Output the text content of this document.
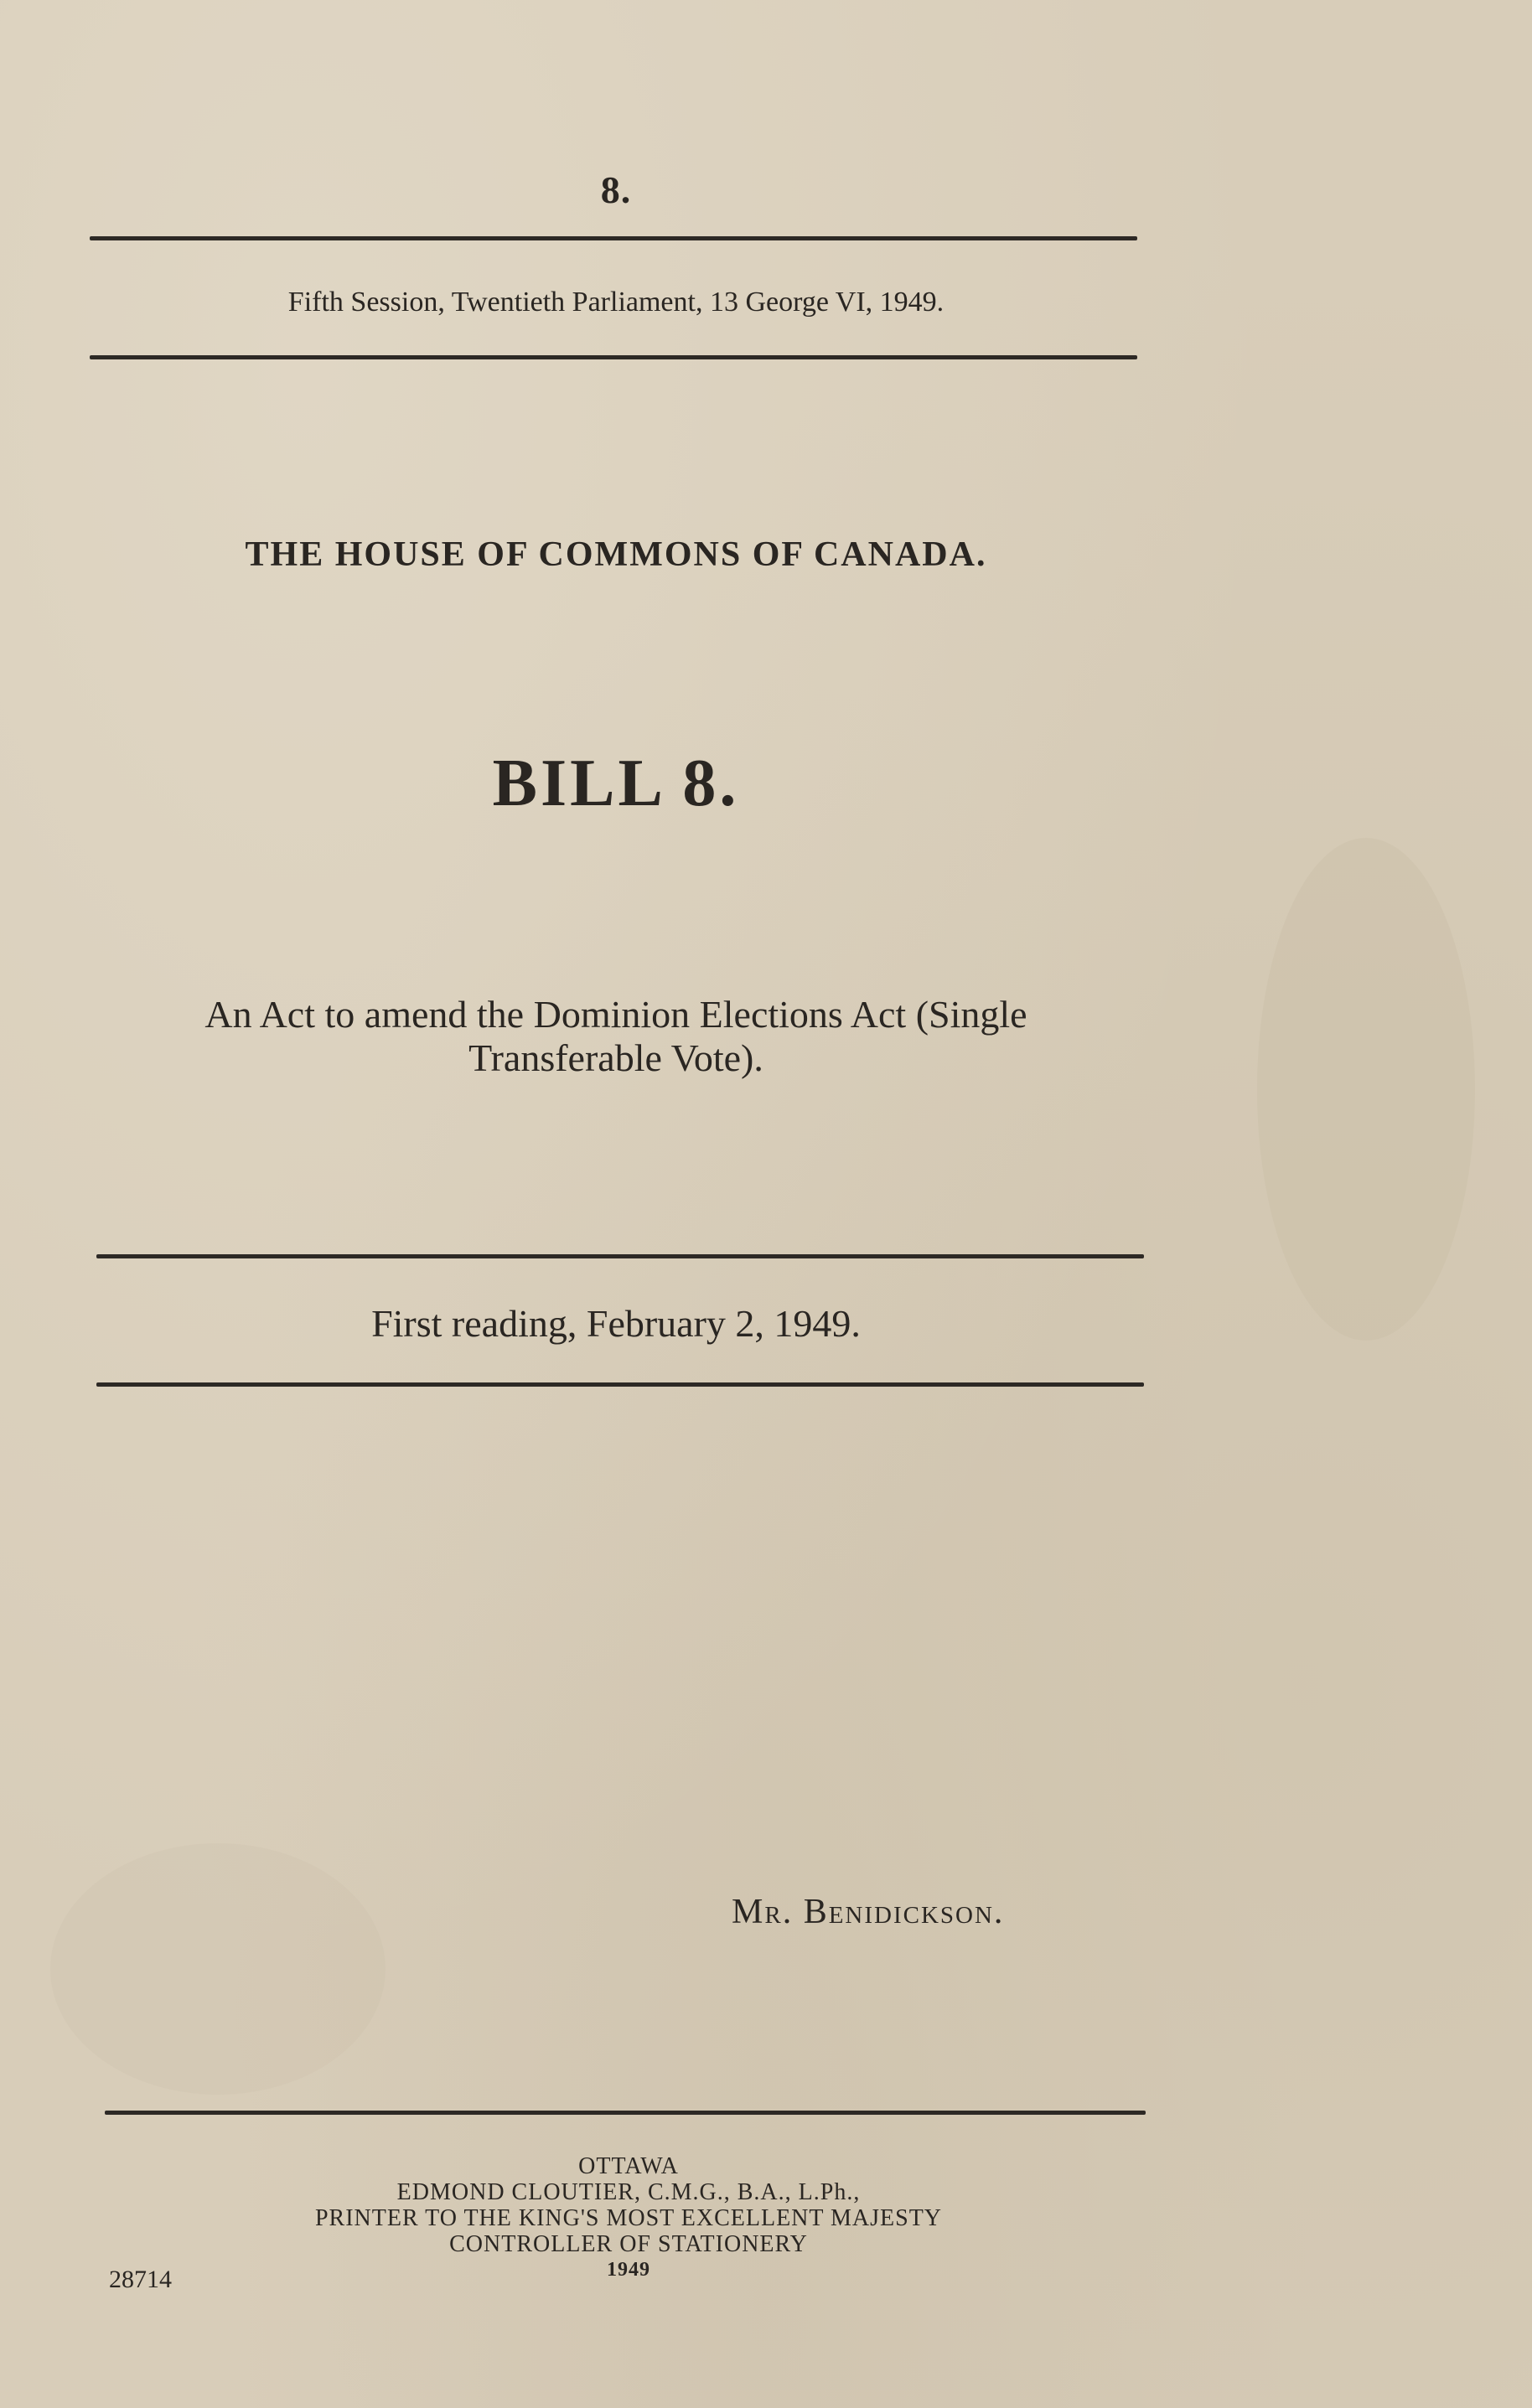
8.
Fifth Session, Twentieth Parliament, 13 George VI, 1949.
THE HOUSE OF COMMONS OF CANADA.
BILL 8.
An Act to amend the Dominion Elections Act (Single
Transferable Vote).
First reading, February 2, 1949.
Mr. Benidickson.
OTTAWA
EDMOND CLOUTIER, C.M.G., B.A., L.Ph.,
PRINTER TO THE KING'S MOST EXCELLENT MAJESTY
CONTROLLER OF STATIONERY
1949
28714
